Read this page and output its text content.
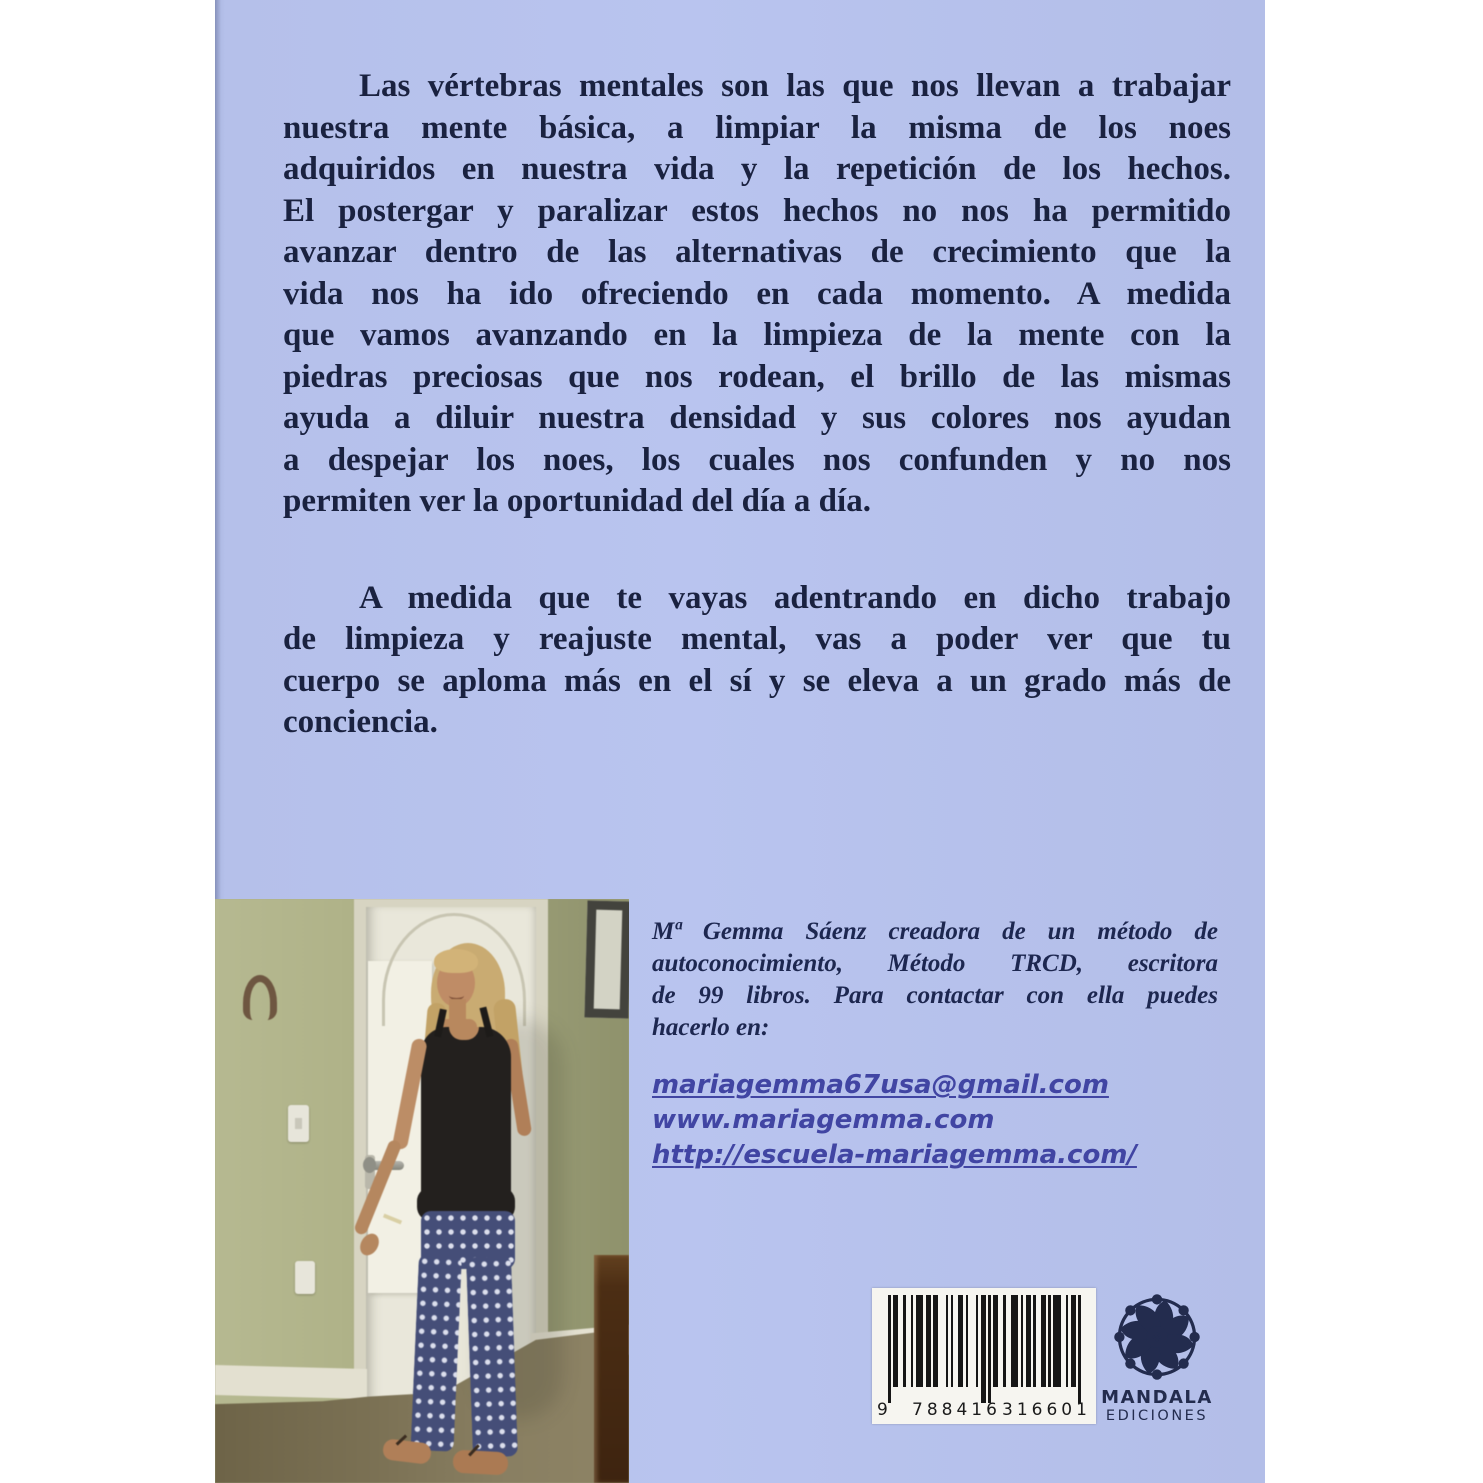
Las vértebras mentales son las que nos llevan a trabajar
nuestra mente básica, a limpiar la misma de los noes
adquiridos en nuestra vida y la repetición de los hechos.
El postergar y paralizar estos hechos no nos ha permitido
avanzar dentro de las alternativas de crecimiento que la
vida nos ha ido ofreciendo en cada momento. A medida
que vamos avanzando en la limpieza de la mente con la
piedras preciosas que nos rodean, el brillo de las mismas
ayuda a diluir nuestra densidad y sus colores nos ayudan
a despejar los noes, los cuales nos confunden y no nos
permiten ver la oportunidad del día a día.
A medida que te vayas adentrando en dicho trabajo
de limpieza y reajuste mental, vas a poder ver que tu
cuerpo se aploma más en el sí y se eleva a un grado más de
conciencia.
Mª Gemma Sáenz creadora de un método de
autoconocimiento, Método TRCD, escritora
de 99 libros. Para contactar con ella puedes
hacerlo en:
mariagemma67usa@gmail.com
www.mariagemma.com
http://escuela-mariagemma.com/
9 788416 316601
MANDALA
EDICIONES
